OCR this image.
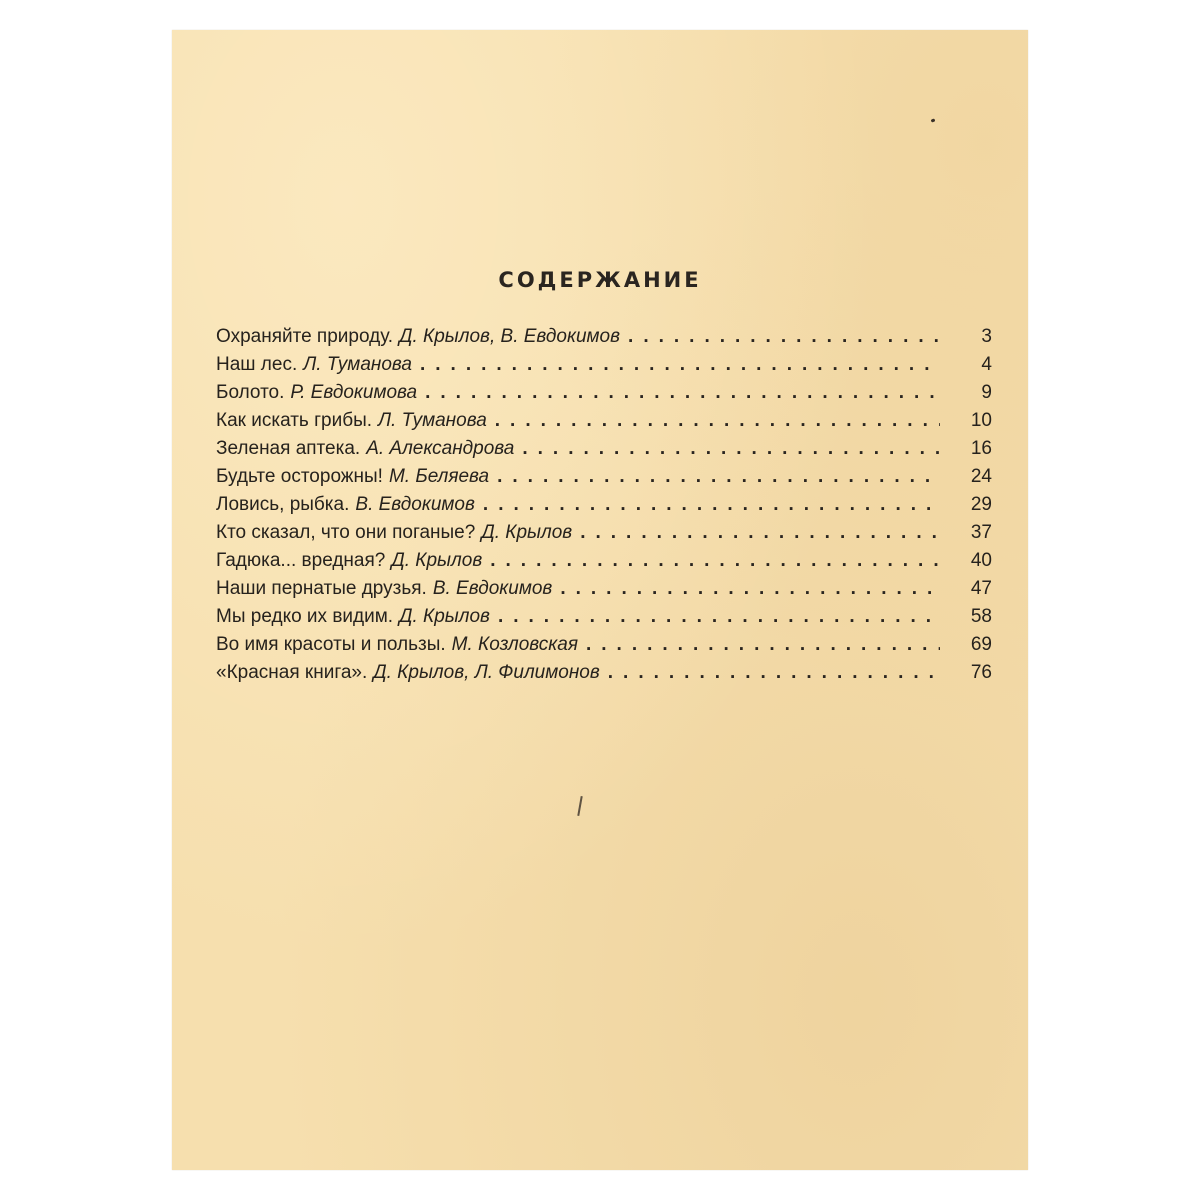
СОДЕРЖАНИЕ
Охраняйте природу. Д. Крылов, В. Евдокимов .....	3
Наш лес. Л. Туманова .....	4
Болото. Р. Евдокимова .....	9
Как искать грибы. Л. Туманова .....	10
Зеленая аптека. А. Александрова .....	16
Будьте осторожны! М. Беляева .....	24
Ловись, рыбка. В. Евдокимов .....	29
Кто сказал, что они поганые? Д. Крылов .....	37
Гадюка... вредная? Д. Крылов .....	40
Наши пернатые друзья. В. Евдокимов .....	47
Мы редко их видим. Д. Крылов .....	58
Во имя красоты и пользы. М. Козловская .....	69
«Красная книга». Д. Крылов, Л. Филимонов .....	76
